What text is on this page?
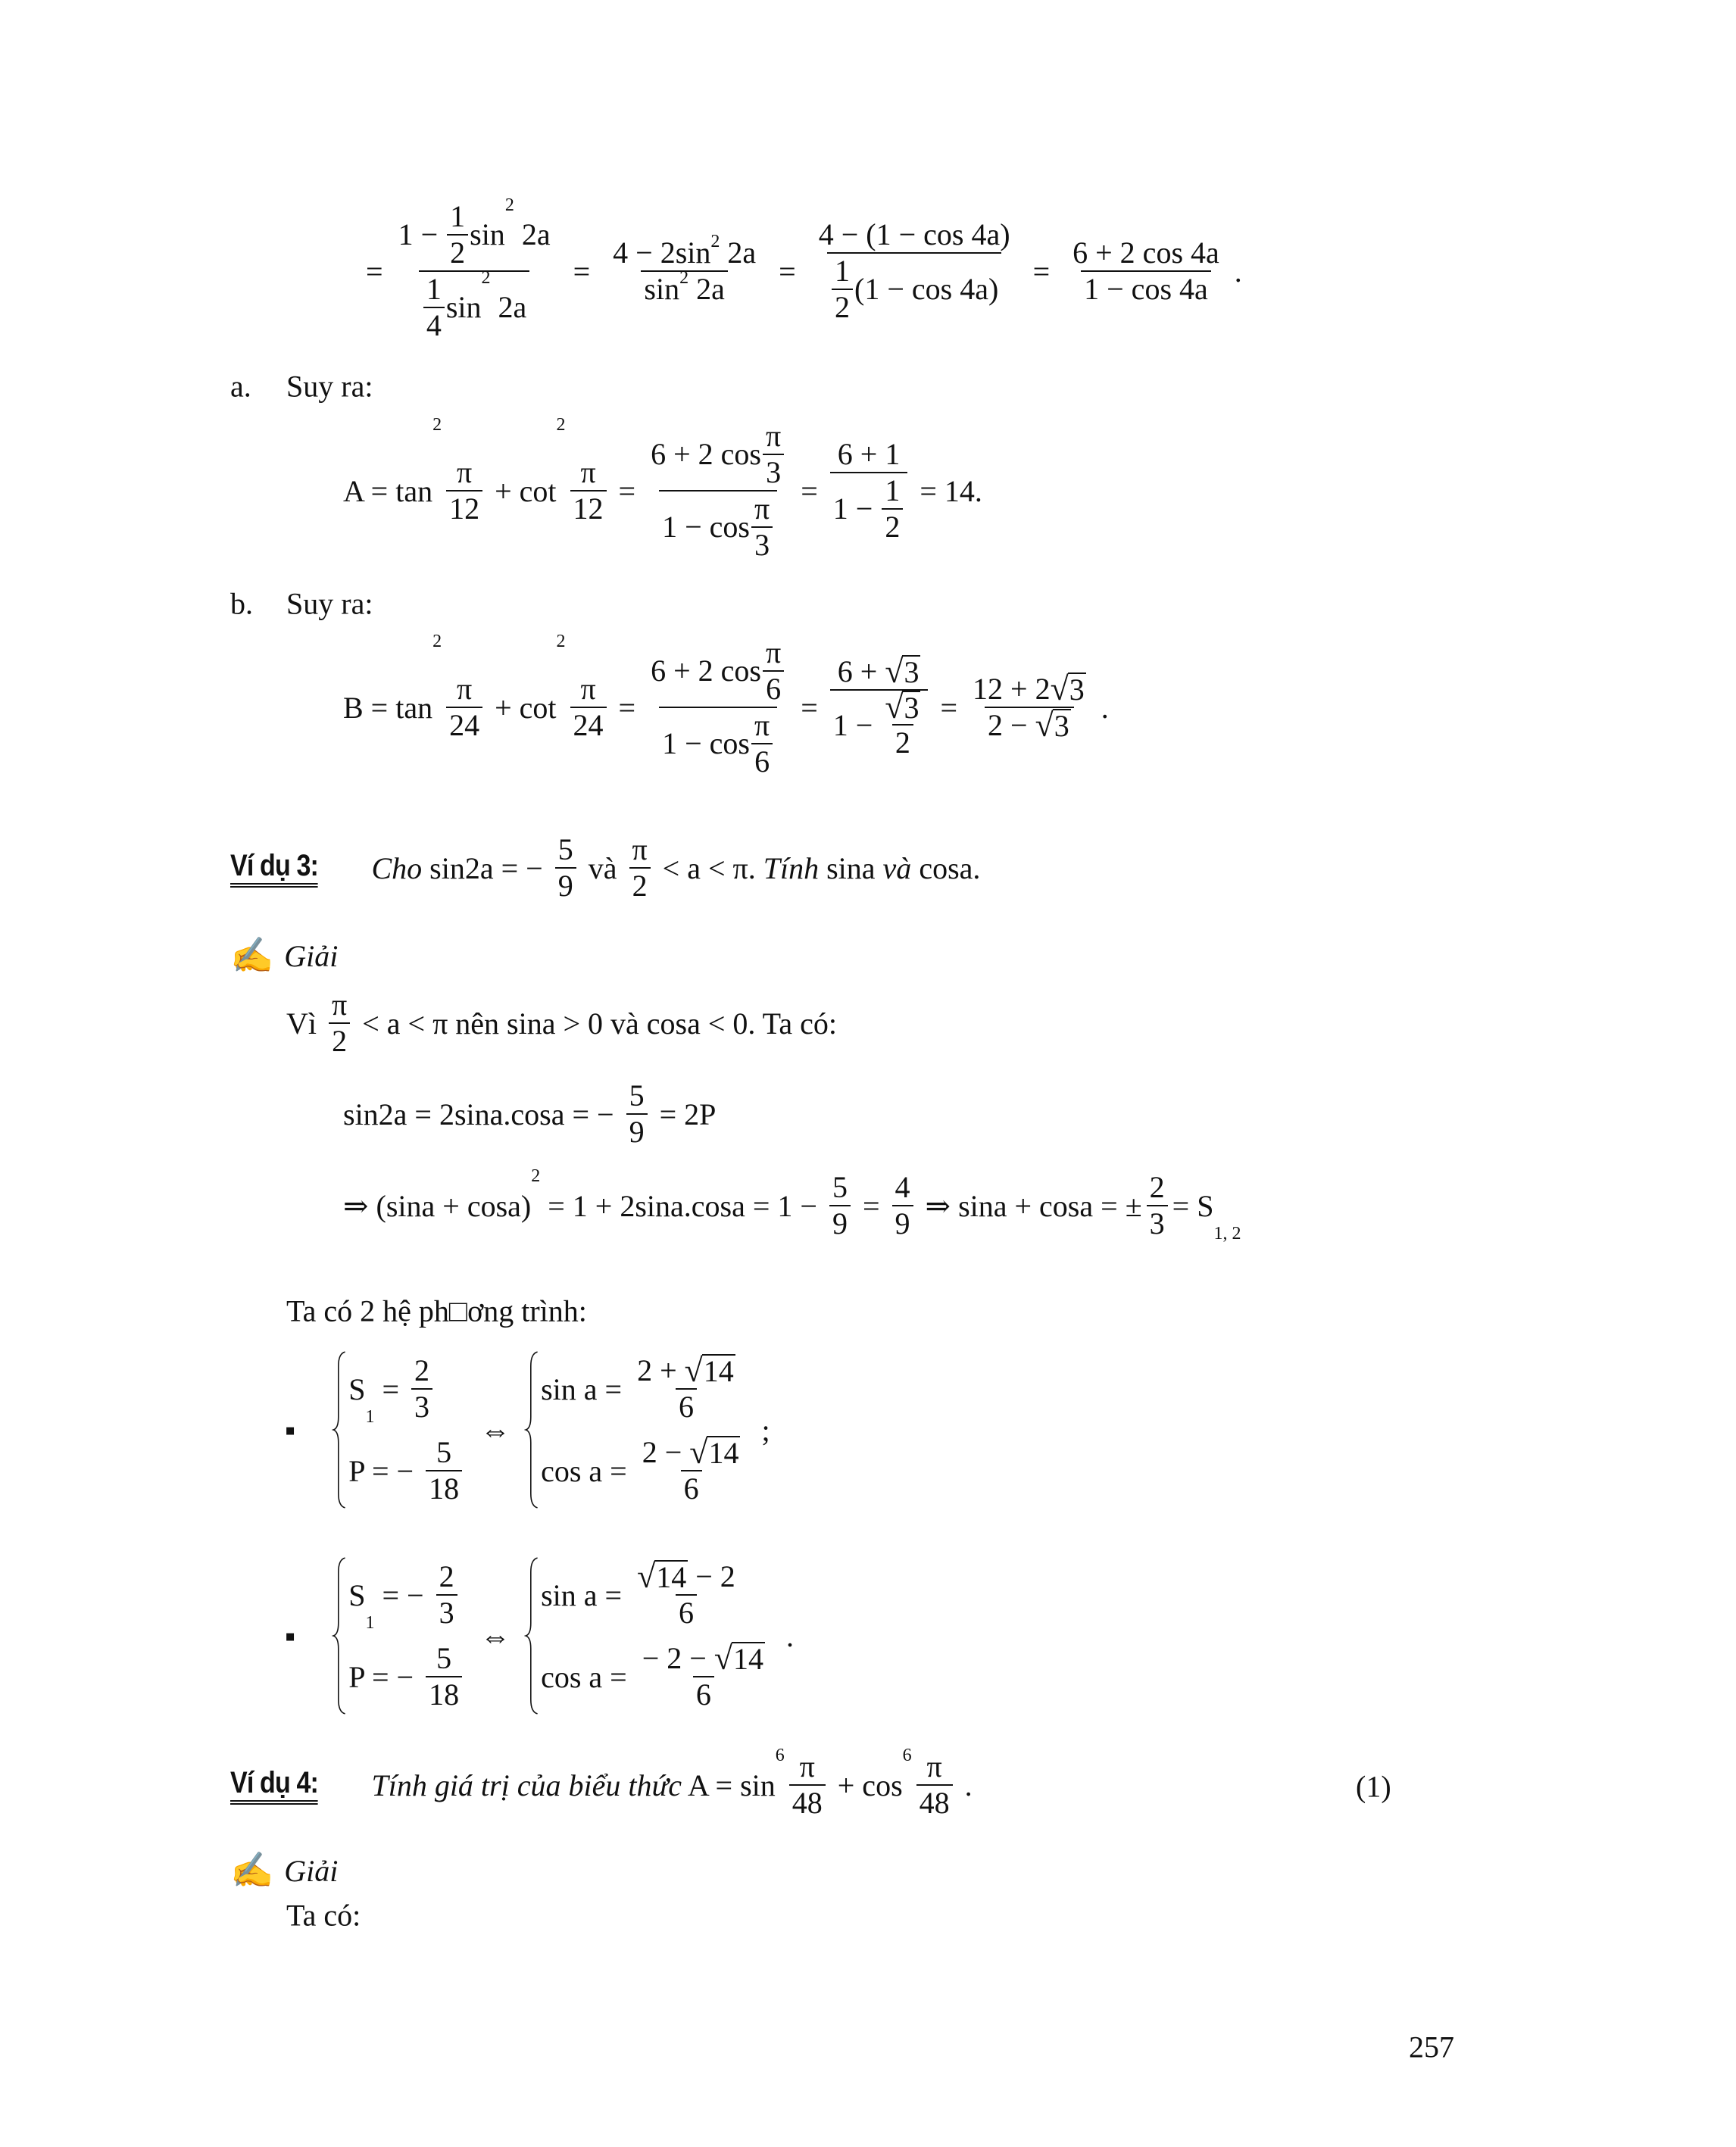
= $1 - \frac{1}{2}$ sin
2
2a
$\frac{1}{4}$ sin
2
$2a = \frac{4 - 2\sin^2 2a}{\sin^2 2a} = \frac{4 - (1 - \cos 4a)}{\frac{1}{2} (1 - \cos 4a)} = \frac{6 + 2 \cos 4a}{1 - \cos 4a}$ .
a. Suy ra:
A = tan
2
$\frac{\pi}{12} + \cot$
2
$\frac{\pi}{12} = \frac{6 + 2 \cos \frac{\pi}{3}}{1 - \cos \frac{\pi}{3}} = \frac{6 + 1}{1 - \frac{1}{2}} = 14$.
b. Suy ra:
B = tan
2
$\frac{\pi}{24} + \cot$
2
$\frac{\pi}{24} = \frac{6 + 2 \cos \frac{\pi}{6}}{1 - \cos \frac{\pi}{6}} = \frac{6 + √ 3}{1 - \frac{√ 3}{2}} = \frac{12 + 2 √ 3}{2 - √ 3}$ .
Ví dụ 3: Cho sin2a = − $\frac{5}{9}$ và $\frac{\pi}{2} < a < \pi$. Tính sina và cosa.
✍ Giải
Vì $\frac{\pi}{2} < a < \pi$ nên sina > 0 và cosa < 0. Ta có:
sin2a = 2sina.cosa = − $\frac{5}{9} = 2P$
⇒ (sina + cosa)
2
= $1 + 2\sin a.\cos a = 1 - \frac{5}{9} = \frac{4}{9}$ ⇒ sina + cosa = ± $\frac{2}{3} = S$
1, 2
Ta có 2 hệ ph□ơng trình:
▪
S
1
= $\frac{2}{3}$
P = − $\frac{5}{18}$
⇔
$\sin a = \frac{2 + √ 14}{6}$
$\cos a = \frac{2 - √ 14}{6}$
;
▪
S
1
= − $\frac{2}{3}$
P = − $\frac{5}{18}$
⇔
$\sin a = \frac{√ 14 - 2}{6}$
$\cos a = \frac{- 2 - √ 14}{6}$
.
Ví dụ 4: Tính giá trị của biểu thức A = sin
$6 \frac{\pi}{48} + \cos$
$6 \frac{\pi}{48}$ .	(1)
✍ Giải
Ta có:
257
